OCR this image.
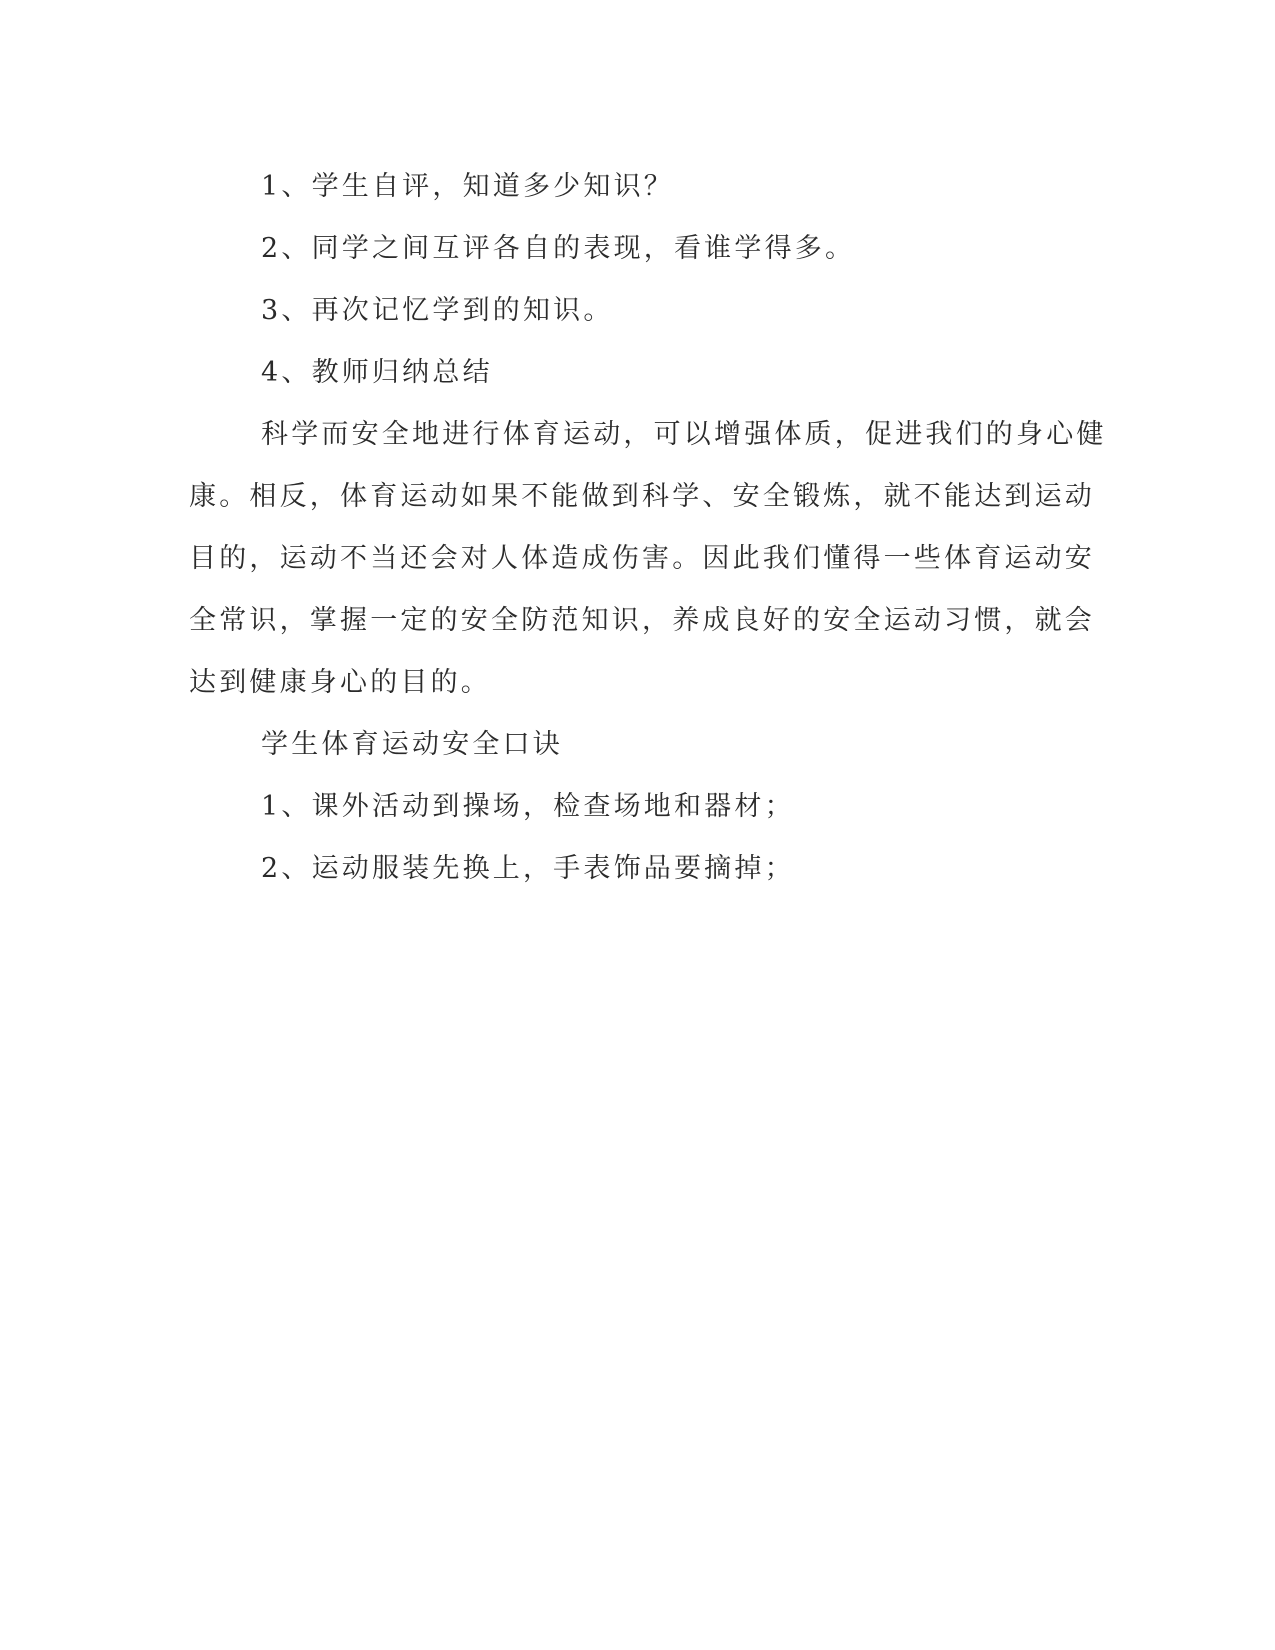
1、学生自评，知道多少知识？
2、同学之间互评各自的表现，看谁学得多。
3、再次记忆学到的知识。
4、教师归纳总结
科学而安全地进行体育运动，可以增强体质，促进我们的身心健
康。相反，体育运动如果不能做到科学、安全锻炼，就不能达到运动
目的，运动不当还会对人体造成伤害。因此我们懂得一些体育运动安
全常识，掌握一定的安全防范知识，养成良好的安全运动习惯，就会
达到健康身心的目的。
学生体育运动安全口诀
1、课外活动到操场，检查场地和器材；
2、运动服装先换上，手表饰品要摘掉；
